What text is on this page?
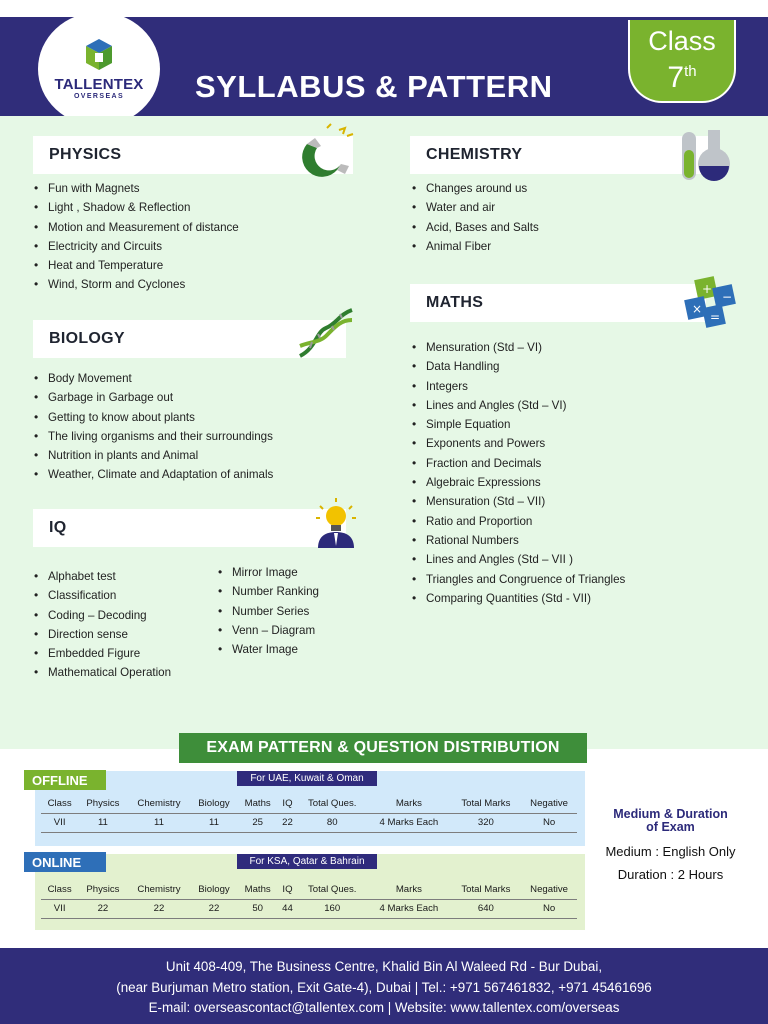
SYLLABUS & PATTERN
TALLENTEX
OVERSEAS
Class
7th
PHYSICS
• Fun with Magnets
• Light , Shadow & Reflection
• Motion and Measurement of distance
• Electricity and Circuits
• Heat and Temperature
• Wind, Storm and Cyclones
BIOLOGY
• Body Movement
• Garbage in Garbage out
• Getting to know about plants
• The living organisms and their surroundings
• Nutrition in plants and Animal
• Weather, Climate and Adaptation of animals
IQ
• Alphabet test
• Classification
• Coding – Decoding
• Direction sense
• Embedded Figure
• Mathematical Operation
• Mirror Image
• Number Ranking
• Number Series
• Venn – Diagram
• Water Image
CHEMISTRY
• Changes around us
• Water and air
• Acid, Bases and Salts
• Animal Fiber
MATHS
+
−
×
=
• Mensuration (Std – VI)
• Data Handling
• Integers
• Lines and Angles (Std – VI)
• Simple Equation
• Exponents and Powers
• Fraction and Decimals
• Algebraic Expressions
• Mensuration (Std – VII)
• Ratio and Proportion
• Rational Numbers
• Lines and Angles (Std – VII )
• Triangles and Congruence of Triangles
• Comparing Quantities (Std - VII)
EXAM PATTERN & QUESTION DISTRIBUTION
OFFLINE	For UAE, Kuwait & Oman
Class	Physics	Chemistry	Biology	Maths	IQ	Total Ques.	Marks	Total Marks	Negative
VII	11	11	11	25	22	80	4 Marks Each	320	No
ONLINE	For KSA, Qatar & Bahrain
Class	Physics	Chemistry	Biology	Maths	IQ	Total Ques.	Marks	Total Marks	Negative
VII	22	22	22	50	44	160	4 Marks Each	640	No
Medium & Duration
of Exam
Medium : English Only
Duration : 2 Hours
Unit 408-409, The Business Centre, Khalid Bin Al Waleed Rd - Bur Dubai,
(near Burjuman Metro station, Exit Gate-4), Dubai | Tel.: +971 567461832, +971 45461696
E-mail: overseascontact@tallentex.com | Website: www.tallentex.com/overseas
